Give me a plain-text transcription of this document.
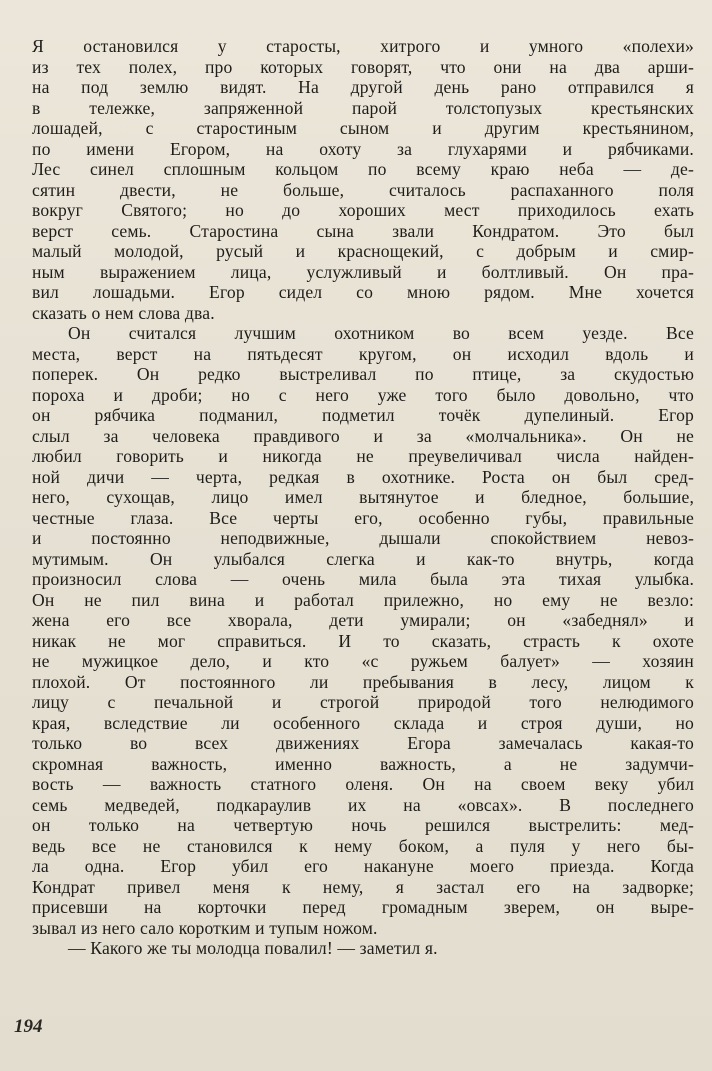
Я остановился у старосты, хитрого и умного «полехи»
из тех полех, про которых говорят, что они на два арши-
на под землю видят. На другой день рано отправился я
в тележке, запряженной парой толстопузых крестьянских
лошадей, с старостиным сыном и другим крестьянином,
по имени Егором, на охоту за глухарями и рябчиками.
Лес синел сплошным кольцом по всему краю неба — де-
сятин двести, не больше, считалось распаханного поля
вокруг Святого; но до хороших мест приходилось ехать
верст семь. Старостина сына звали Кондратом. Это был
малый молодой, русый и краснощекий, с добрым и смир-
ным выражением лица, услужливый и болтливый. Он пра-
вил лошадьми. Егор сидел со мною рядом. Мне хочется
сказать о нем слова два.
Он считался лучшим охотником во всем уезде. Все
места, верст на пятьдесят кругом, он исходил вдоль и
поперек. Он редко выстреливал по птице, за скудостью
пороха и дроби; но с него уже того было довольно, что
он рябчика подманил, подметил точёк дупелиный. Егор
слыл за человека правдивого и за «молчальника». Он не
любил говорить и никогда не преувеличивал числа найден-
ной дичи — черта, редкая в охотнике. Роста он был сред-
него, сухощав, лицо имел вытянутое и бледное, большие,
честные глаза. Все черты его, особенно губы, правильные
и постоянно неподвижные, дышали спокойствием невоз-
мутимым. Он улыбался слегка и как-то внутрь, когда
произносил слова — очень мила была эта тихая улыбка.
Он не пил вина и работал прилежно, но ему не везло:
жена его все хворала, дети умирали; он «забеднял» и
никак не мог справиться. И то сказать, страсть к охоте
не мужицкое дело, и кто «с ружьем балует» — хозяин
плохой. От постоянного ли пребывания в лесу, лицом к
лицу с печальной и строгой природой того нелюдимого
края, вследствие ли особенного склада и строя души, но
только во всех движениях Егора замечалась какая-то
скромная важность, именно важность, а не задумчи-
вость — важность статного оленя. Он на своем веку убил
семь медведей, подкараулив их на «овсах». В последнего
он только на четвертую ночь решился выстрелить: мед-
ведь все не становился к нему боком, а пуля у него бы-
ла одна. Егор убил его накануне моего приезда. Когда
Кондрат привел меня к нему, я застал его на задворке;
присевши на корточки перед громадным зверем, он выре-
зывал из него сало коротким и тупым ножом.
— Какого же ты молодца повалил! — заметил я.
194
